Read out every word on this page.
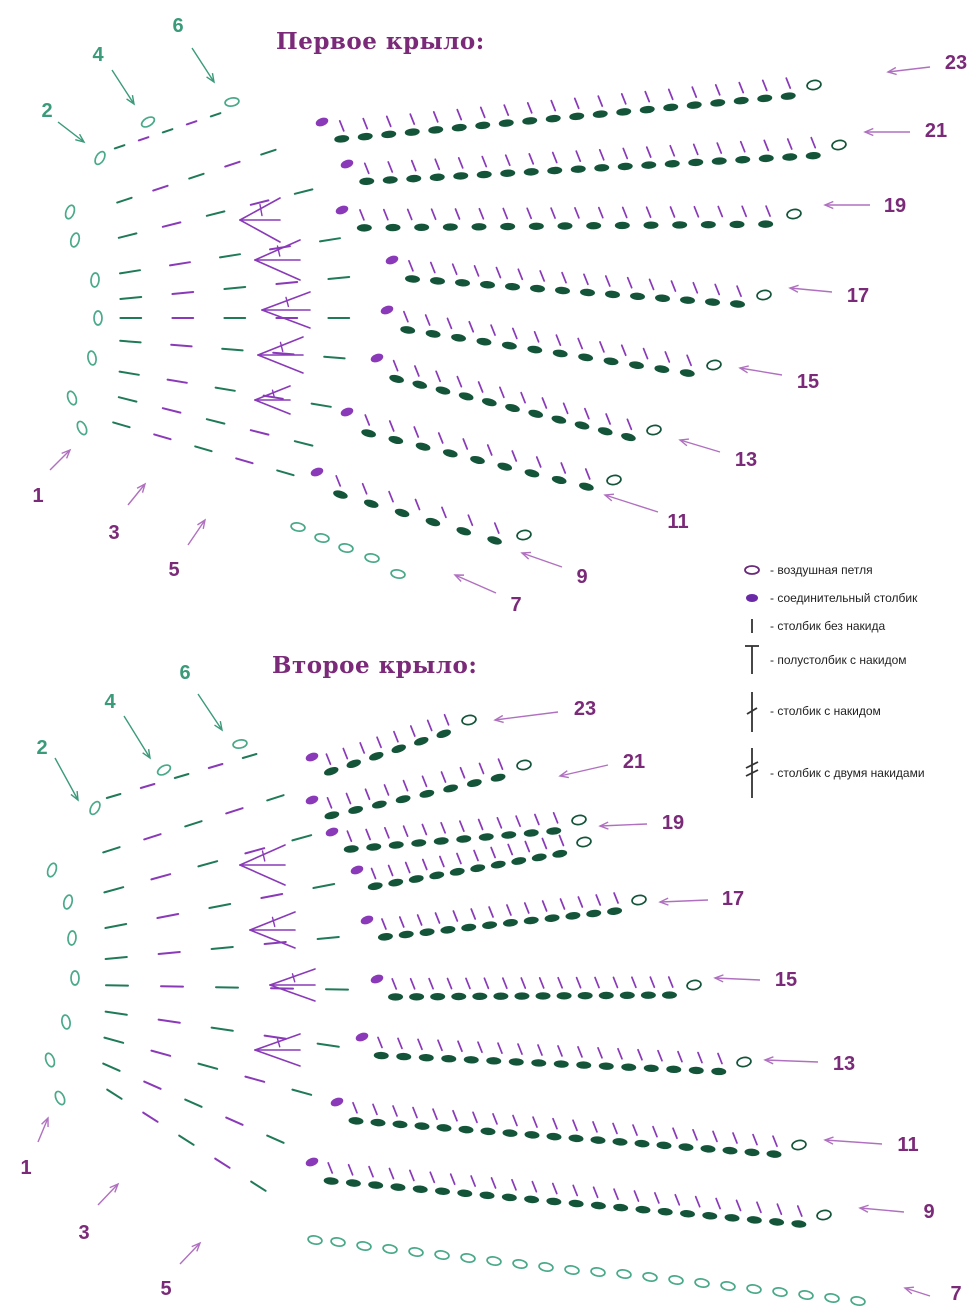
Первое крыло:
2
4
6
1
3
5
7
9
11
13
15
17
19
21
23
Второе крыло:
2
4
6
1
3
5	7
9
11
13
15
17
19
21
23
- воздушная петля
- соединительный столбик
- столбик без накида
- полустолбик с накидом
- столбик с накидом
- столбик с двумя накидами
